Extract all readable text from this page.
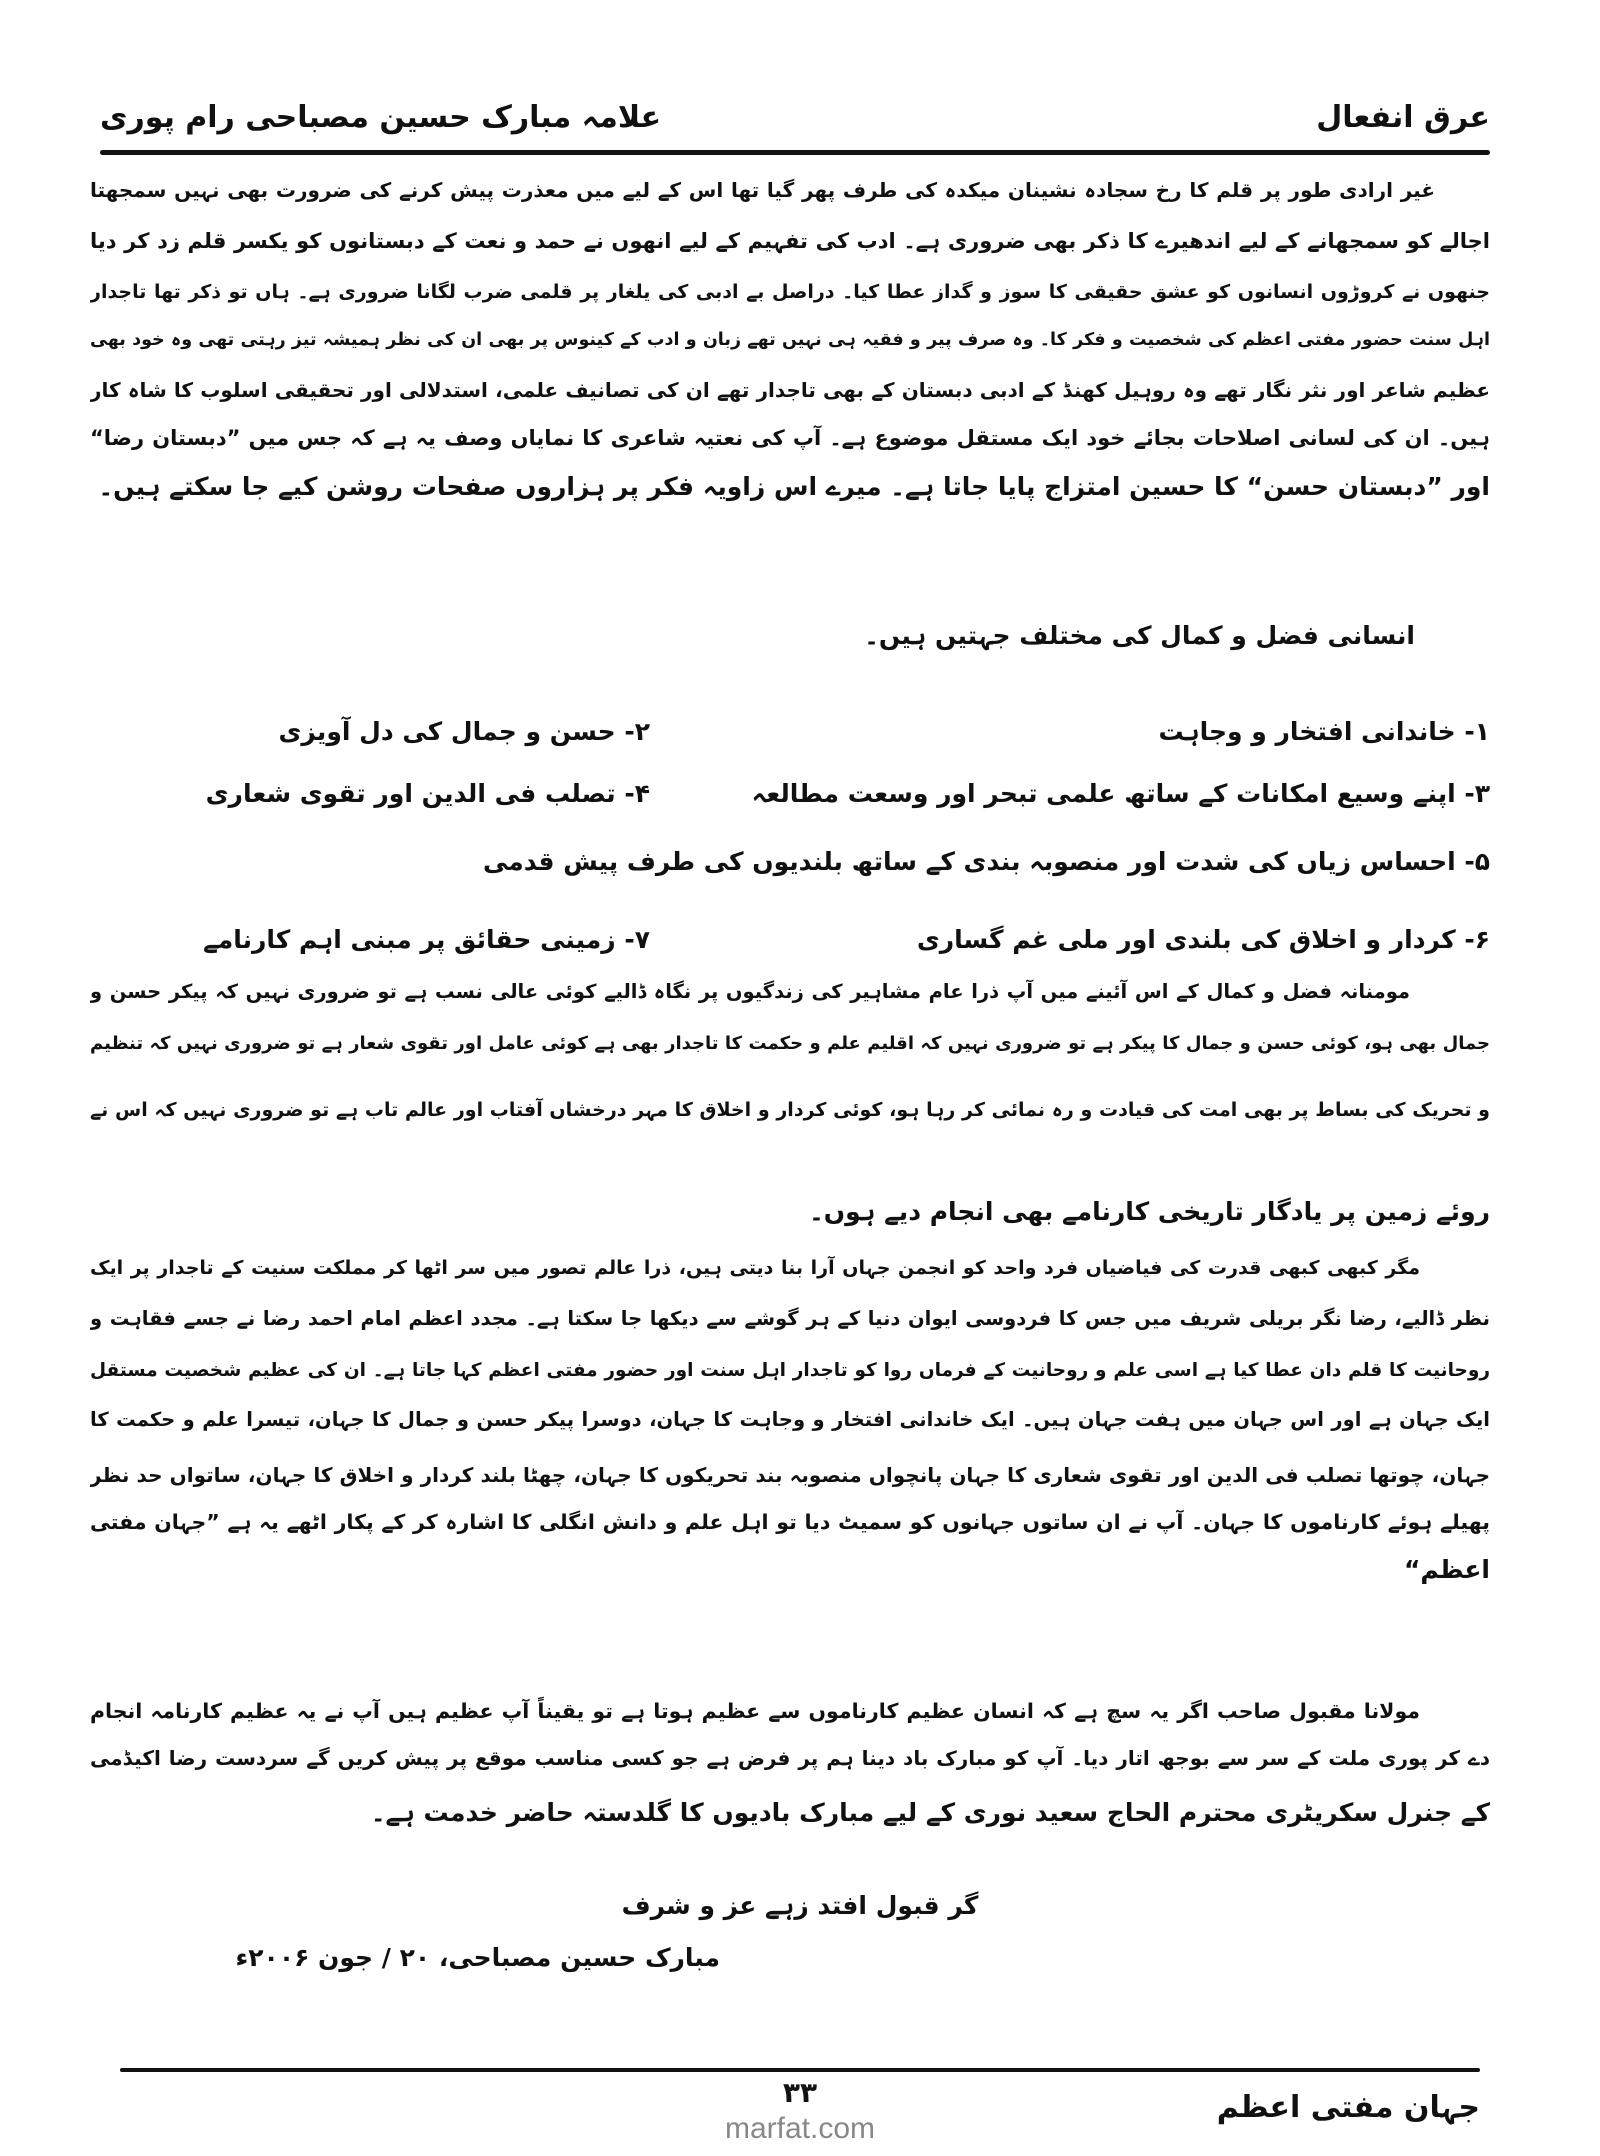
عرق انفعال
علامہ مبارک حسین مصباحی رام پوری
غیر ارادی طور پر قلم کا رخ سجادہ نشینان میکدہ کی طرف پھر گیا تھا اس کے لیے میں معذرت پیش کرنے کی ضرورت بھی نہیں سمجھتا
اجالے کو سمجھانے کے لیے اندھیرے کا ذکر بھی ضروری ہے۔ ادب کی تفہیم کے لیے انھوں نے حمد و نعت کے دبستانوں کو یکسر قلم زد کر دیا
جنھوں نے کروڑوں انسانوں کو عشق حقیقی کا سوز و گداز عطا کیا۔ دراصل بے ادبی کی یلغار پر قلمی ضرب لگانا ضروری ہے۔ ہاں تو ذکر تھا تاجدار
اہل سنت حضور مفتی اعظم کی شخصیت و فکر کا۔ وہ صرف پیر و فقیہ ہی نہیں تھے زبان و ادب کے کینوس پر بھی ان کی نظر ہمیشہ تیز رہتی تھی وہ خود بھی
عظیم شاعر اور نثر نگار تھے وہ روہیل کھنڈ کے ادبی دبستان کے بھی تاجدار تھے ان کی تصانیف علمی، استدلالی اور تحقیقی اسلوب کا شاہ کار
ہیں۔ ان کی لسانی اصلاحات بجائے خود ایک مستقل موضوع ہے۔ آپ کی نعتیہ شاعری کا نمایاں وصف یہ ہے کہ جس میں ”دبستان رضا“
اور ”دبستان حسن“ کا حسین امتزاج پایا جاتا ہے۔ میرے اس زاویہ فکر پر ہزاروں صفحات روشن کیے جا سکتے ہیں۔
انسانی فضل و کمال کی مختلف جہتیں ہیں۔
۱- خاندانی افتخار و وجاہت
۲- حسن و جمال کی دل آویزی
۳- اپنے وسیع امکانات کے ساتھ علمی تبحر اور وسعت مطالعہ
۴- تصلب فی الدین اور تقوی شعاری
۵- احساس زیاں کی شدت اور منصوبہ بندی کے ساتھ بلندیوں کی طرف پیش قدمی
۶- کردار و اخلاق کی بلندی اور ملی غم گساری
۷- زمینی حقائق پر مبنی اہم کارنامے
مومنانہ فضل و کمال کے اس آئینے میں آپ ذرا عام مشاہیر کی زندگیوں پر نگاہ ڈالیے کوئی عالی نسب ہے تو ضروری نہیں کہ پیکر حسن و
جمال بھی ہو، کوئی حسن و جمال کا پیکر ہے تو ضروری نہیں کہ اقلیم علم و حکمت کا تاجدار بھی ہے کوئی عامل اور تقوی شعار ہے تو ضروری نہیں کہ تنظیم
و تحریک کی بساط پر بھی امت کی قیادت و رہ نمائی کر رہا ہو، کوئی کردار و اخلاق کا مہر درخشاں آفتاب اور عالم تاب ہے تو ضروری نہیں کہ اس نے
روئے زمین پر یادگار تاریخی کارنامے بھی انجام دیے ہوں۔
مگر کبھی کبھی قدرت کی فیاضیاں فرد واحد کو انجمن جہاں آرا بنا دیتی ہیں، ذرا عالم تصور میں سر اٹھا کر مملکت سنیت کے تاجدار پر ایک
نظر ڈالیے، رضا نگر بریلی شریف میں جس کا فردوسی ایوان دنیا کے ہر گوشے سے دیکھا جا سکتا ہے۔ مجدد اعظم امام احمد رضا نے جسے فقاہت و
روحانیت کا قلم دان عطا کیا ہے اسی علم و روحانیت کے فرماں روا کو تاجدار اہل سنت اور حضور مفتی اعظم کہا جاتا ہے۔ ان کی عظیم شخصیت مستقل
ایک جہان ہے اور اس جہان میں ہفت جہان ہیں۔ ایک خاندانی افتخار و وجاہت کا جہان، دوسرا پیکر حسن و جمال کا جہان، تیسرا علم و حکمت کا
جہان، چوتھا تصلب فی الدین اور تقوی شعاری کا جہان پانچواں منصوبہ بند تحریکوں کا جہان، چھٹا بلند کردار و اخلاق کا جہان، ساتواں حد نظر
پھیلے ہوئے کارناموں کا جہان۔ آپ نے ان ساتوں جہانوں کو سمیٹ دیا تو اہل علم و دانش انگلی کا اشارہ کر کے پکار اٹھے یہ ہے ”جہان مفتی
اعظم“
مولانا مقبول صاحب اگر یہ سچ ہے کہ انسان عظیم کارناموں سے عظیم ہوتا ہے تو یقیناً آپ عظیم ہیں آپ نے یہ عظیم کارنامہ انجام
دے کر پوری ملت کے سر سے بوجھ اتار دیا۔ آپ کو مبارک باد دینا ہم پر فرض ہے جو کسی مناسب موقع پر پیش کریں گے سردست رضا اکیڈمی
کے جنرل سکریٹری محترم الحاج سعید نوری کے لیے مبارک بادیوں کا گلدستہ حاضر خدمت ہے۔
گر قبول افتد زہے عز و شرف
مبارک حسین مصباحی، ۲۰ / جون ۲۰۰۶ء
جہان مفتی اعظم
۳۳
marfat.com
